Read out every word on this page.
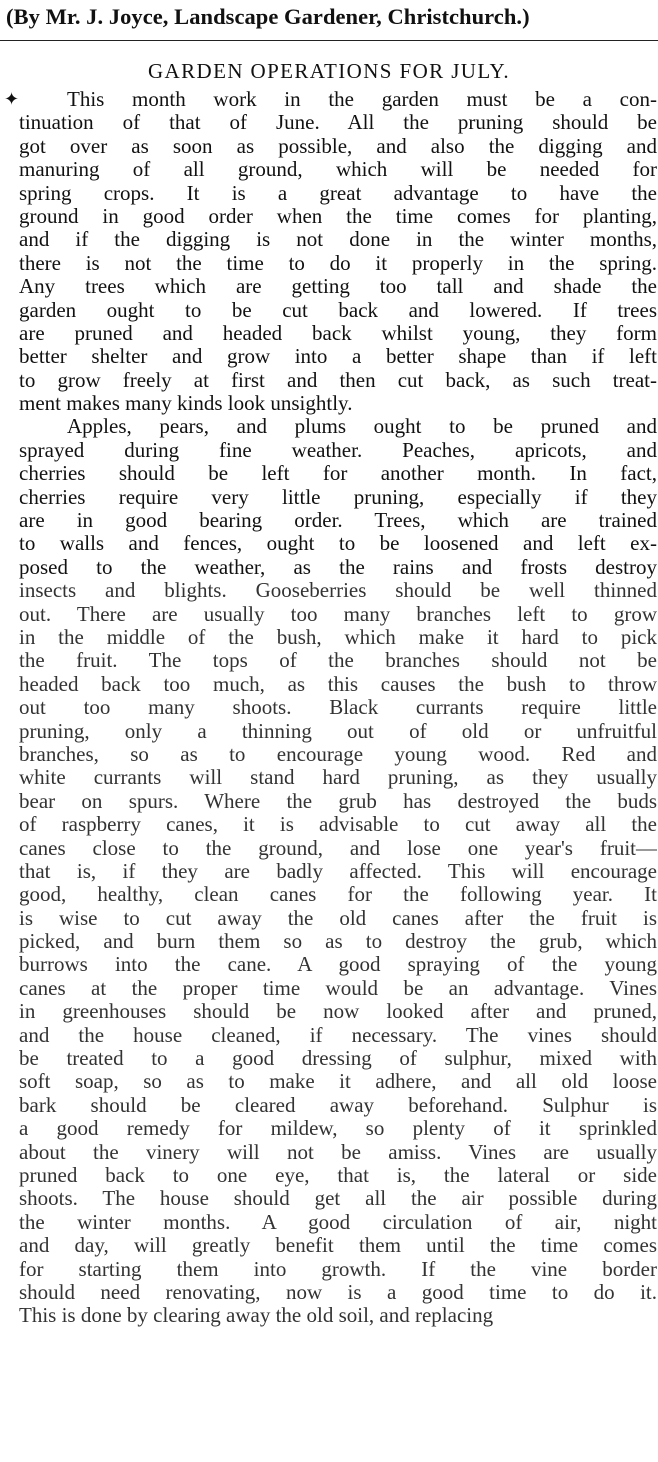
(By Mr. J. Joyce, Landscape Gardener, Christchurch.)
GARDEN OPERATIONS FOR JULY.
✦	This month work in the garden must be a con-
tinuation of that of June. All the pruning should be
got over as soon as possible, and also the digging and
manuring of all ground, which will be needed for
spring crops. It is a great advantage to have the
ground in good order when the time comes for planting,
and if the digging is not done in the winter months,
there is not the time to do it properly in the spring.
Any trees which are getting too tall and shade the
garden ought to be cut back and lowered. If trees
are pruned and headed back whilst young, they form
better shelter and grow into a better shape than if left
to grow freely at first and then cut back, as such treat-
ment makes many kinds look unsightly.
Apples, pears, and plums ought to be pruned and
sprayed during fine weather. Peaches, apricots, and
cherries should be left for another month. In fact,
cherries require very little pruning, especially if they
are in good bearing order. Trees, which are trained
to walls and fences, ought to be loosened and left ex-
posed to the weather, as the rains and frosts destroy
insects and blights. Gooseberries should be well thinned
out. There are usually too many branches left to grow
in the middle of the bush, which make it hard to pick
the fruit. The tops of the branches should not be
headed back too much, as this causes the bush to throw
out too many shoots. Black currants require little
pruning, only a thinning out of old or unfruitful
branches, so as to encourage young wood. Red and
white currants will stand hard pruning, as they usually
bear on spurs. Where the grub has destroyed the buds
of raspberry canes, it is advisable to cut away all the
canes close to the ground, and lose one year's fruit—
that is, if they are badly affected. This will encourage
good, healthy, clean canes for the following year. It
is wise to cut away the old canes after the fruit is
picked, and burn them so as to destroy the grub, which
burrows into the cane. A good spraying of the young
canes at the proper time would be an advantage. Vines
in greenhouses should be now looked after and pruned,
and the house cleaned, if necessary. The vines should
be treated to a good dressing of sulphur, mixed with
soft soap, so as to make it adhere, and all old loose
bark should be cleared away beforehand. Sulphur is
a good remedy for mildew, so plenty of it sprinkled
about the vinery will not be amiss. Vines are usually
pruned back to one eye, that is, the lateral or side
shoots. The house should get all the air possible during
the winter months. A good circulation of air, night
and day, will greatly benefit them until the time comes
for starting them into growth. If the vine border
should need renovating, now is a good time to do it.
This is done by clearing away the old soil, and replacing
